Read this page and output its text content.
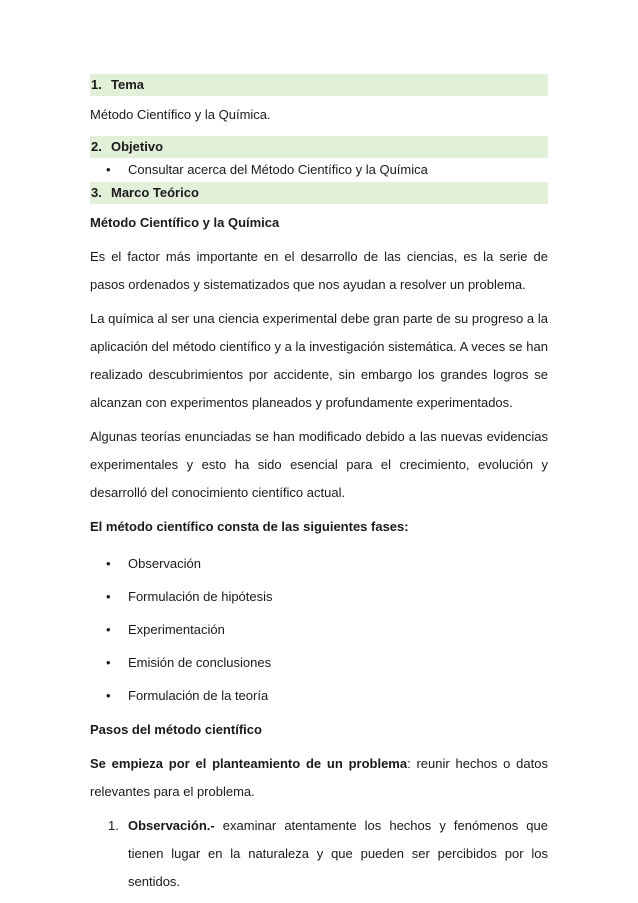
1. Tema

Método Científico y la Química.

2. Objetivo
• Consultar acerca del Método Científico y la Química
3. Marco Teórico

Método Científico y la Química

Es el factor más importante en el desarrollo de las ciencias, es la serie de pasos ordenados y sistematizados que nos ayudan a resolver un problema.

La química al ser una ciencia experimental debe gran parte de su progreso a la aplicación del método científico y a la investigación sistemática. A veces se han realizado descubrimientos por accidente, sin embargo los grandes logros se alcanzan con experimentos planeados y profundamente experimentados.

Algunas teorías enunciadas se han modificado debido a las nuevas evidencias experimentales y esto ha sido esencial para el crecimiento, evolución y desarrolló del conocimiento científico actual.

El método científico consta de las siguientes fases:

• Observación
• Formulación de hipótesis
• Experimentación
• Emisión de conclusiones
• Formulación de la teoría

Pasos del método científico

Se empieza por el planteamiento de un problema: reunir hechos o datos relevantes para el problema.

1. Observación.- examinar atentamente los hechos y fenómenos que tienen lugar en la naturaleza y que pueden ser percibidos por los sentidos.
